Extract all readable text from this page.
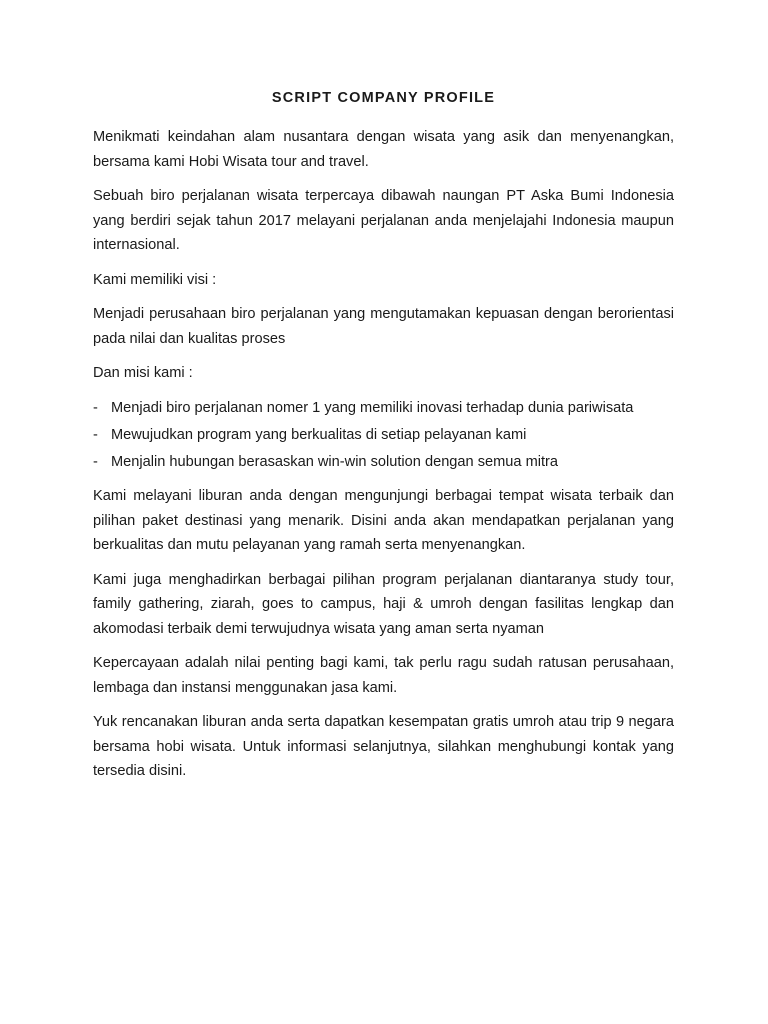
SCRIPT COMPANY PROFILE

Menikmati keindahan alam nusantara dengan wisata yang asik dan menyenangkan, bersama kami Hobi Wisata tour and travel.

Sebuah biro perjalanan wisata terpercaya dibawah naungan PT Aska Bumi Indonesia yang berdiri sejak tahun 2017 melayani perjalanan anda menjelajahi Indonesia maupun internasional.

Kami memiliki visi :

Menjadi perusahaan biro perjalanan yang mengutamakan kepuasan dengan berorientasi pada nilai dan kualitas proses

Dan misi kami :

- Menjadi biro perjalanan nomer 1 yang memiliki inovasi terhadap dunia pariwisata
- Mewujudkan program yang berkualitas di setiap pelayanan kami
- Menjalin hubungan berasaskan win-win solution dengan semua mitra

Kami melayani liburan anda dengan mengunjungi berbagai tempat wisata terbaik dan pilihan paket destinasi yang menarik. Disini anda akan mendapatkan perjalanan yang berkualitas dan mutu pelayanan yang ramah serta menyenangkan.

Kami juga menghadirkan berbagai pilihan program perjalanan diantaranya study tour, family gathering, ziarah, goes to campus, haji & umroh dengan fasilitas lengkap dan akomodasi terbaik demi terwujudnya wisata yang aman serta nyaman

Kepercayaan adalah nilai penting bagi kami, tak perlu ragu sudah ratusan perusahaan, lembaga dan instansi menggunakan jasa kami.

Yuk rencanakan liburan anda serta dapatkan kesempatan gratis umroh atau trip 9 negara bersama hobi wisata. Untuk informasi selanjutnya, silahkan menghubungi kontak yang tersedia disini.
